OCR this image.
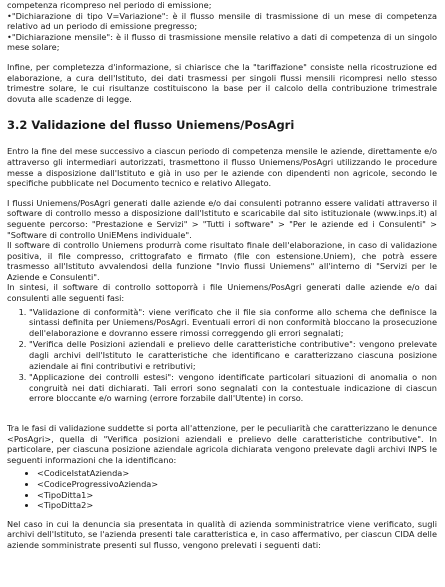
competenza ricompreso nel periodo di emissione;

•"Dichiarazione di tipo V=Variazione": è il flusso mensile di trasmissione di un mese di competenza relativo ad un periodo di emissione pregresso;

•"Dichiarazione mensile": è il flusso di trasmissione mensile relativo a dati di competenza di un singolo mese solare;

Infine, per completezza d'informazione, si chiarisce che la "tariffazione" consiste nella ricostruzione ed elaborazione, a cura dell'Istituto, dei dati trasmessi per singoli flussi mensili ricompresi nello stesso trimestre solare, le cui risultanze costituiscono la base per il calcolo della contribuzione trimestrale dovuta alle scadenze di legge.

3.2 Validazione del flusso Uniemens/PosAgri

Entro la fine del mese successivo a ciascun periodo di competenza mensile le aziende, direttamente e/o attraverso gli intermediari autorizzati, trasmettono il flusso Uniemens/PosAgri utilizzando le procedure messe a disposizione dall'Istituto e già in uso per le aziende con dipendenti non agricole, secondo le specifiche pubblicate nel Documento tecnico e relativo Allegato.

I flussi Uniemens/PosAgri generati dalle aziende e/o dai consulenti potranno essere validati attraverso il software di controllo messo a disposizione dall'Istituto e scaricabile dal sito istituzionale (www.inps.it) al seguente percorso: "Prestazione e Servizi" > "Tutti i software" > "Per le aziende ed i Consulenti" > "Software di controllo UniEMens individuale".

Il software di controllo Uniemens produrrà come risultato finale dell'elaborazione, in caso di validazione positiva, il file compresso, crittografato e firmato (file con estensione.Uniem), che potrà essere trasmesso all'Istituto avvalendosi della funzione "Invio flussi Uniemens" all'interno di "Servizi per le Aziende e Consulenti".

In sintesi, il software di controllo sottoporrà i file Uniemens/PosAgri generati dalle aziende e/o dai consulenti alle seguenti fasi:

1. "Validazione di conformità": viene verificato che il file sia conforme allo schema che definisce la sintassi definita per Uniemens/PosAgri. Eventuali errori di non conformità bloccano la prosecuzione dell'elaborazione e dovranno essere rimossi correggendo gli errori segnalati;
2. "Verifica delle Posizioni aziendali e prelievo delle caratteristiche contributive": vengono prelevate dagli archivi dell'Istituto le caratteristiche che identificano e caratterizzano ciascuna posizione aziendale ai fini contributivi e retributivi;
3. "Applicazione dei controlli estesi": vengono identificate particolari situazioni di anomalia o non congruità nei dati dichiarati. Tali errori sono segnalati con la contestuale indicazione di ciascun errore bloccante e/o warning (errore forzabile dall'Utente) in corso.

Tra le fasi di validazione suddette si porta all'attenzione, per le peculiarità che caratterizzano le denunce <PosAgri>, quella di "Verifica posizioni aziendali e prelievo delle caratteristiche contributive". In particolare, per ciascuna posizione aziendale agricola dichiarata vengono prelevate dagli archivi INPS le seguenti informazioni che la identificano:

• <CodiceIstatAzienda>
• <CodiceProgressivoAzienda>
• <TipoDitta1>
• <TipoDitta2>

Nel caso in cui la denuncia sia presentata in qualità di azienda somministratrice viene verificato, sugli archivi dell'Istituto, se l'azienda presenti tale caratteristica e, in caso affermativo, per ciascun CIDA delle aziende somministrate presenti sul flusso, vengono prelevati i seguenti dati:
